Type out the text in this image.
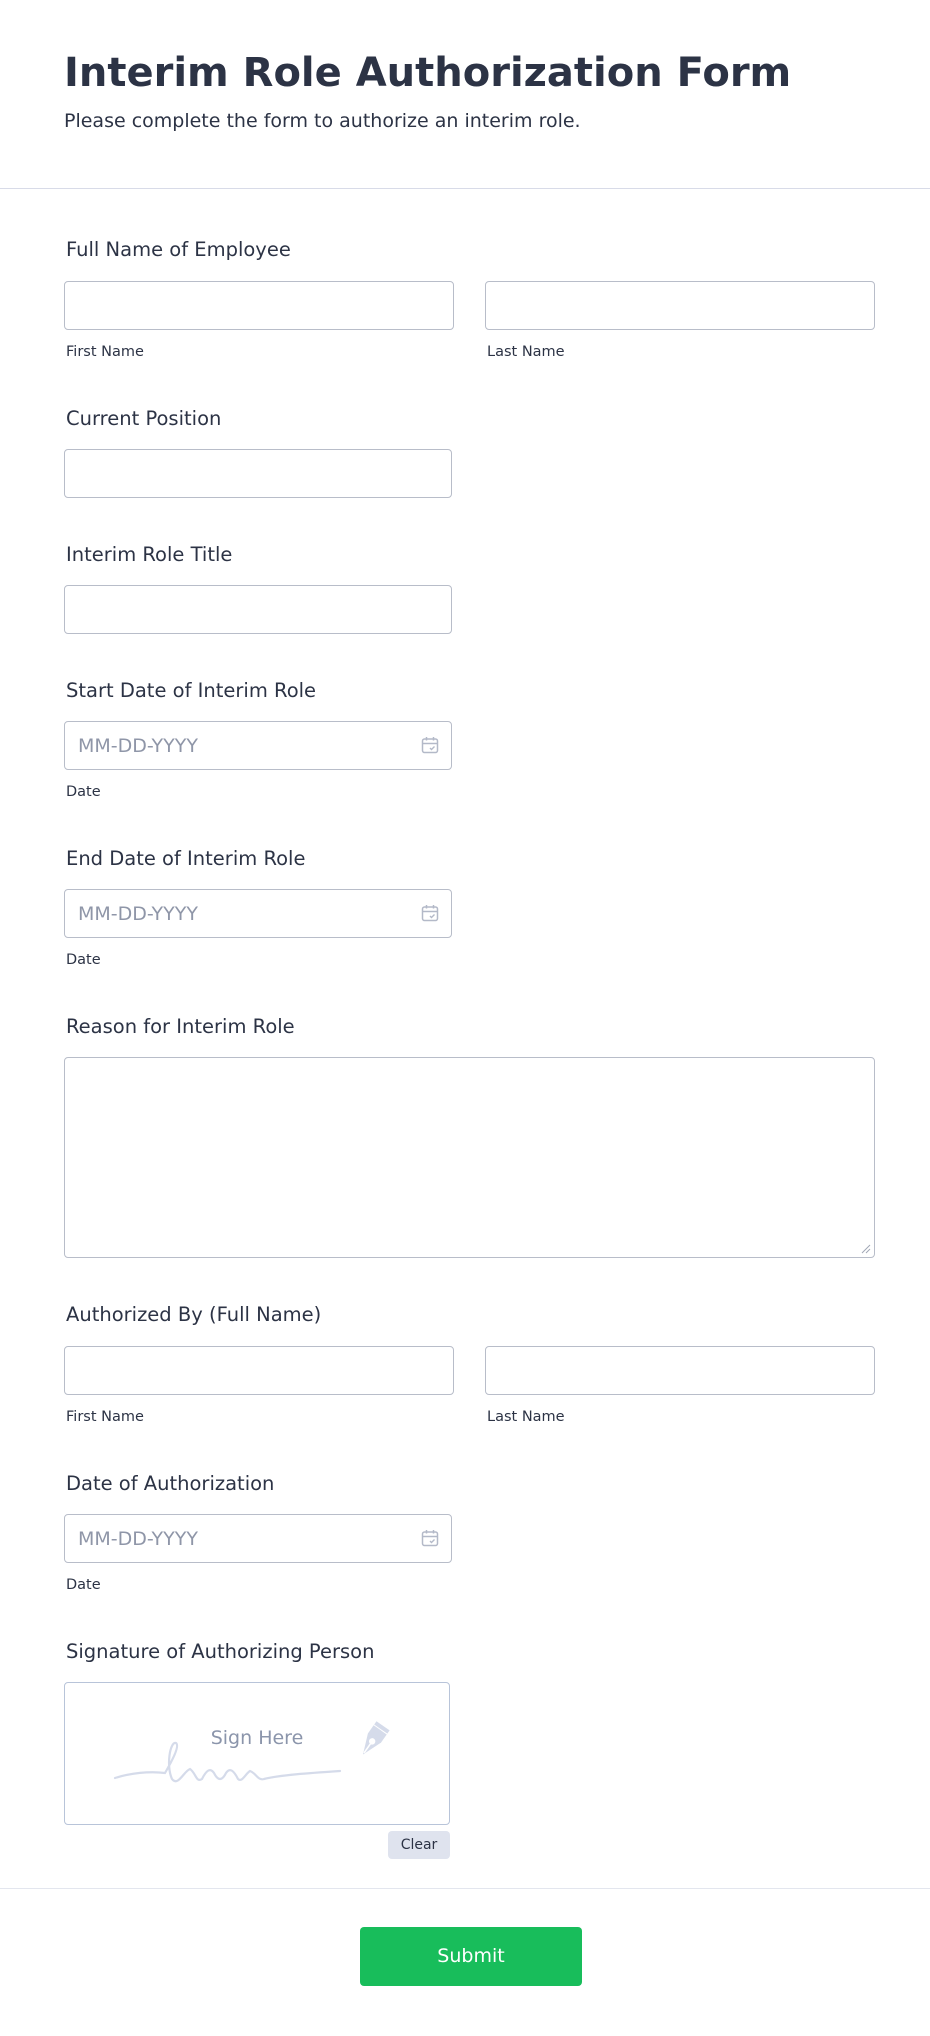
Interim Role Authorization Form
Please complete the form to authorize an interim role.
Full Name of Employee
First Name	Last Name
Current Position
Interim Role Title
Start Date of Interim Role
MM-DD-YYYY
Date
End Date of Interim Role
MM-DD-YYYY
Date
Reason for Interim Role
Authorized By (Full Name)
First Name	Last Name
Date of Authorization
MM-DD-YYYY
Date
Signature of Authorizing Person
Sign Here
Clear
Submit
